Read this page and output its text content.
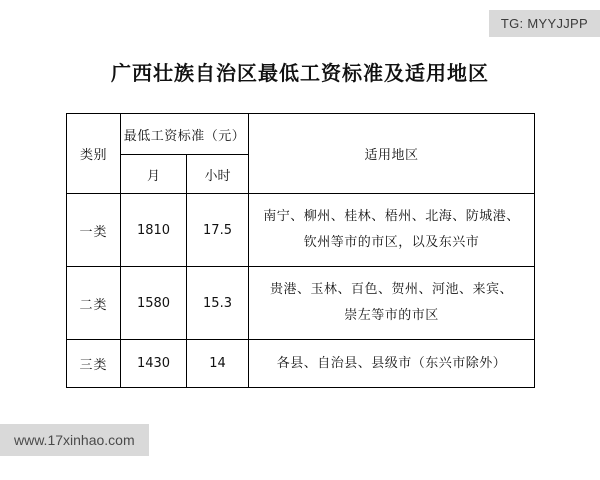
TG: MYYJJPP
广西壮族自治区最低工资标准及适用地区
类别	最低工资标准（元）		适用地区
	月	小时	
一类	1810	17.5	南宁、柳州、桂林、梧州、北海、防城港、
钦州等市的市区，以及东兴市

二类	1580	15.3	贵港、玉林、百色、贺州、河池、来宾、
崇左等市的市区

三类	1430	14	各县、自治县、县级市（东兴市除外）
www.17xinhao.com
